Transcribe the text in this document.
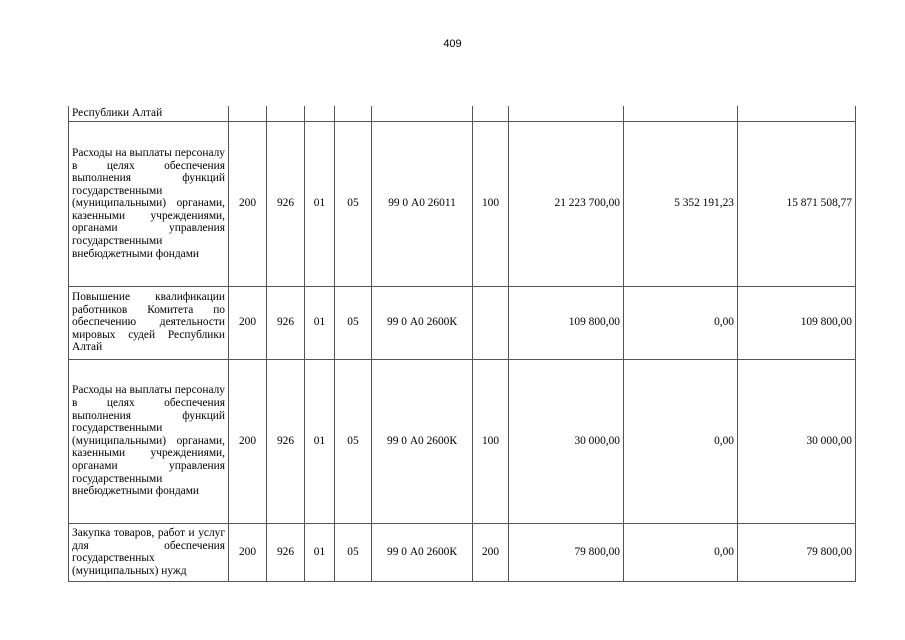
409
Республики Алтай									
Расходы на выплаты персоналу в целях обеспечения выполнения функций государственными (муниципальными) органами, казенными учреждениями, органами управления государственными внебюджетными фондами	200	926	01	05	99 0 А0 26011	100	21 223 700,00	5 352 191,23	15 871 508,77
Повышение квалификации работников Комитета по обеспечению деятельности мировых судей Республики Алтай	200	926	01	05	99 0 А0 2600К		109 800,00	0,00	109 800,00
Расходы на выплаты персоналу в целях обеспечения выполнения функций государственными (муниципальными) органами, казенными учреждениями, органами управления государственными внебюджетными фондами	200	926	01	05	99 0 А0 2600К	100	30 000,00	0,00	30 000,00
Закупка товаров, работ и услуг для обеспечения государственных (муниципальных) нужд	200	926	01	05	99 0 А0 2600К	200	79 800,00	0,00	79 800,00
